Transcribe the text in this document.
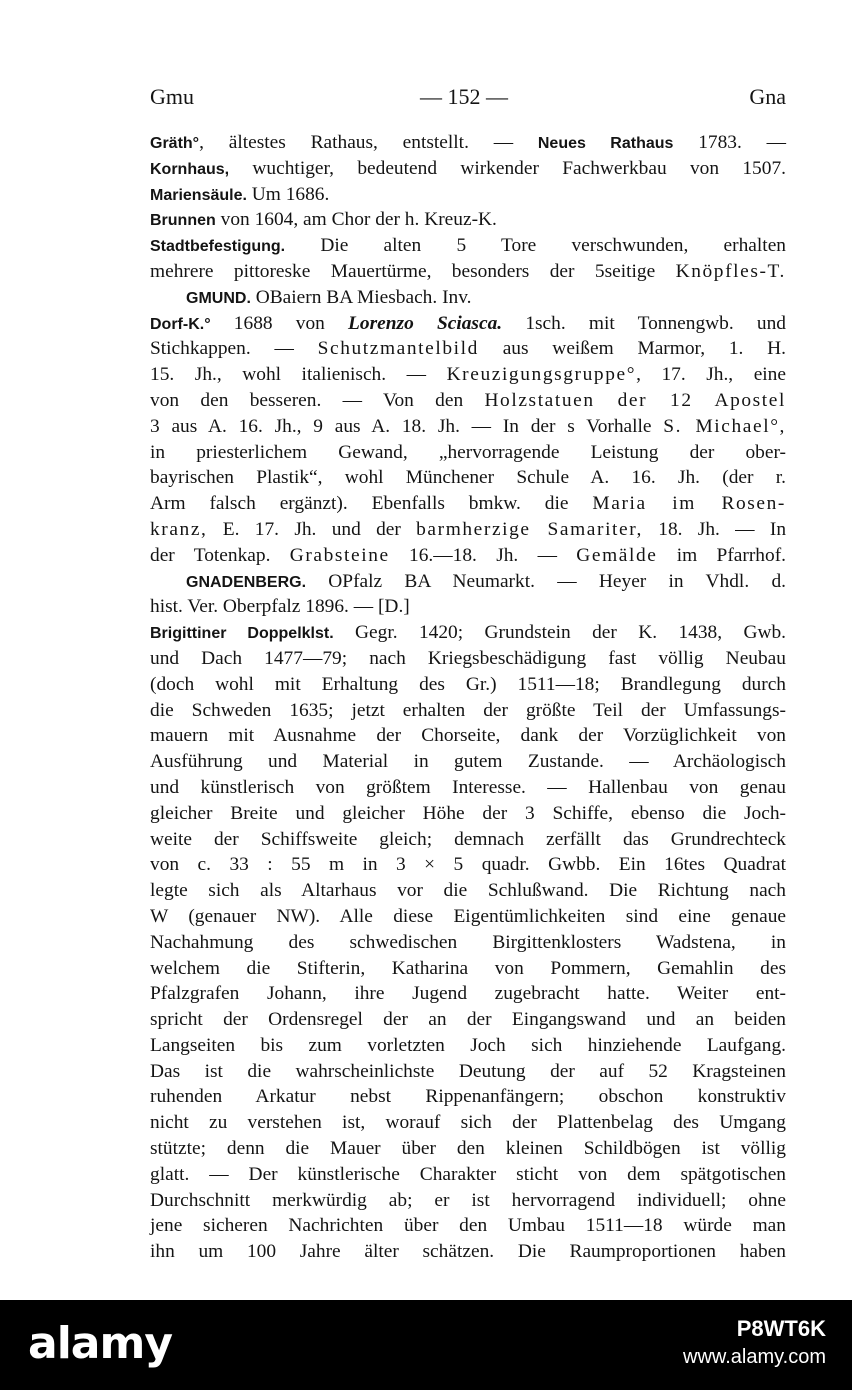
Gmu	— 152 —	Gna
Gräth°, ältestes Rathaus, entstellt. — Neues Rathaus 1783. —
Kornhaus, wuchtiger, bedeutend wirkender Fachwerkbau von 1507.
Mariensäule. Um 1686.
Brunnen von 1604, am Chor der h. Kreuz-K.
Stadtbefestigung. Die alten 5 Tore verschwunden, erhalten
mehrere pittoreske Mauertürme, besonders der 5seitige Knöpfles-T.
GMUND. OBaiern BA Miesbach. Inv.
Dorf-K.° 1688 von Lorenzo Sciasca. 1sch. mit Tonnengwb. und
Stichkappen. — Schutzmantelbild aus weißem Marmor, 1. H.
15. Jh., wohl italienisch. — Kreuzigungsgruppe°, 17. Jh., eine
von den besseren. — Von den Holzstatuen der 12 Apostel
3 aus A. 16. Jh., 9 aus A. 18. Jh. — In der s Vorhalle S. Michael°,
in priesterlichem Gewand, „hervorragende Leistung der ober-
bayrischen Plastik“, wohl Münchener Schule A. 16. Jh. (der r.
Arm falsch ergänzt). Ebenfalls bmkw. die Maria im Rosen-
kranz, E. 17. Jh. und der barmherzige Samariter, 18. Jh. — In
der Totenkap. Grabsteine 16.—18. Jh. — Gemälde im Pfarrhof.
GNADENBERG. OPfalz BA Neumarkt. — Heyer in Vhdl. d.
hist. Ver. Oberpfalz 1896. — [D.]
Brigittiner Doppelklst. Gegr. 1420; Grundstein der K. 1438, Gwb.
und Dach 1477—79; nach Kriegsbeschädigung fast völlig Neubau
(doch wohl mit Erhaltung des Gr.) 1511—18; Brandlegung durch
die Schweden 1635; jetzt erhalten der größte Teil der Umfassungs-
mauern mit Ausnahme der Chorseite, dank der Vorzüglichkeit von
Ausführung und Material in gutem Zustande. — Archäologisch
und künstlerisch von größtem Interesse. — Hallenbau von genau
gleicher Breite und gleicher Höhe der 3 Schiffe, ebenso die Joch-
weite der Schiffsweite gleich; demnach zerfällt das Grundrechteck
von c. 33 : 55 m in 3 × 5 quadr. Gwbb. Ein 16tes Quadrat
legte sich als Altarhaus vor die Schlußwand. Die Richtung nach
W (genauer NW). Alle diese Eigentümlichkeiten sind eine genaue
Nachahmung des schwedischen Birgittenklosters Wadstena, in
welchem die Stifterin, Katharina von Pommern, Gemahlin des
Pfalzgrafen Johann, ihre Jugend zugebracht hatte. Weiter ent-
spricht der Ordensregel der an der Eingangswand und an beiden
Langseiten bis zum vorletzten Joch sich hinziehende Laufgang.
Das ist die wahrscheinlichste Deutung der auf 52 Kragsteinen
ruhenden Arkatur nebst Rippenanfängern; obschon konstruktiv
nicht zu verstehen ist, worauf sich der Plattenbelag des Umgang
stützte; denn die Mauer über den kleinen Schildbögen ist völlig
glatt. — Der künstlerische Charakter sticht von dem spätgotischen
Durchschnitt merkwürdig ab; er ist hervorragend individuell; ohne
jene sicheren Nachrichten über den Umbau 1511—18 würde man
ihn um 100 Jahre älter schätzen. Die Raumproportionen haben
alamy	P8WT6K
www.alamy.com
